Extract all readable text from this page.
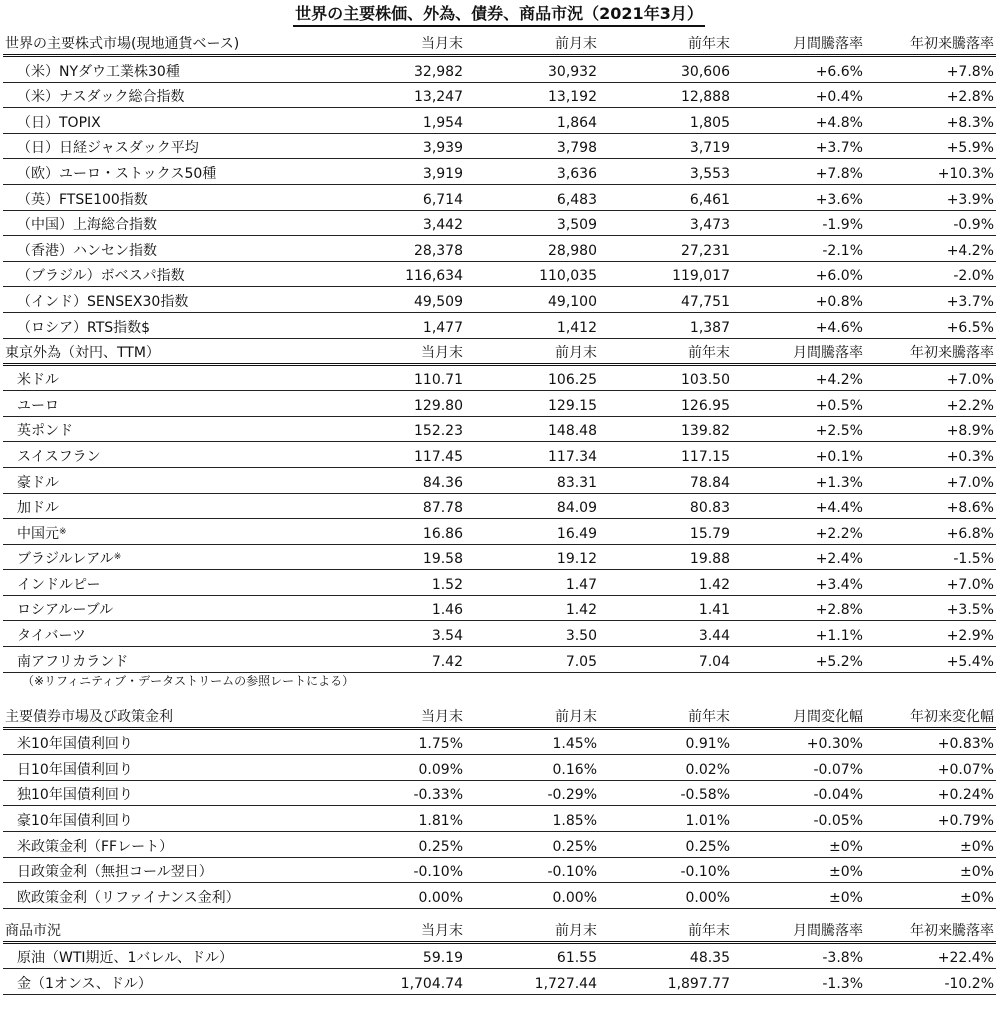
世界の主要株価、外為、債券、商品市況（2021年3月）
世界の主要株式市場(現地通貨ベース)	当月末	前月末	前年末	月間騰落率	年初来騰落率
（米）NYダウ工業株30種	32,982	30,932	30,606	+6.6%	+7.8%
（米）ナスダック総合指数	13,247	13,192	12,888	+0.4%	+2.8%
（日）TOPIX	1,954	1,864	1,805	+4.8%	+8.3%
（日）日経ジャスダック平均	3,939	3,798	3,719	+3.7%	+5.9%
（欧）ユーロ・ストックス50種	3,919	3,636	3,553	+7.8%	+10.3%
（英）FTSE100指数	6,714	6,483	6,461	+3.6%	+3.9%
（中国）上海総合指数	3,442	3,509	3,473	-1.9%	-0.9%
（香港）ハンセン指数	28,378	28,980	27,231	-2.1%	+4.2%
（ブラジル）ボベスパ指数	116,634	110,035	119,017	+6.0%	-2.0%
（インド）SENSEX30指数	49,509	49,100	47,751	+0.8%	+3.7%
（ロシア）RTS指数$	1,477	1,412	1,387	+4.6%	+6.5%
東京外為（対円、TTM）	当月末	前月末	前年末	月間騰落率	年初来騰落率
米ドル	110.71	106.25	103.50	+4.2%	+7.0%
ユーロ	129.80	129.15	126.95	+0.5%	+2.2%
英ポンド	152.23	148.48	139.82	+2.5%	+8.9%
スイスフラン	117.45	117.34	117.15	+0.1%	+0.3%
豪ドル	84.36	83.31	78.84	+1.3%	+7.0%
加ドル	87.78	84.09	80.83	+4.4%	+8.6%
中国元※	16.86	16.49	15.79	+2.2%	+6.8%
ブラジルレアル※	19.58	19.12	19.88	+2.4%	-1.5%
インドルピー	1.52	1.47	1.42	+3.4%	+7.0%
ロシアルーブル	1.46	1.42	1.41	+2.8%	+3.5%
タイバーツ	3.54	3.50	3.44	+1.1%	+2.9%
南アフリカランド	7.42	7.05	7.04	+5.2%	+5.4%
（※リフィニティブ・データストリームの参照レートによる）
主要債券市場及び政策金利	当月末	前月末	前年末	月間変化幅	年初来変化幅
米10年国債利回り	1.75%	1.45%	0.91%	+0.30%	+0.83%
日10年国債利回り	0.09%	0.16%	0.02%	-0.07%	+0.07%
独10年国債利回り	-0.33%	-0.29%	-0.58%	-0.04%	+0.24%
豪10年国債利回り	1.81%	1.85%	1.01%	-0.05%	+0.79%
米政策金利（FFレート）	0.25%	0.25%	0.25%	±0%	±0%
日政策金利（無担コール翌日）	-0.10%	-0.10%	-0.10%	±0%	±0%
欧政策金利（リファイナンス金利）	0.00%	0.00%	0.00%	±0%	±0%
商品市況	当月末	前月末	前年末	月間騰落率	年初来騰落率
原油（WTI期近、1バレル、ドル）	59.19	61.55	48.35	-3.8%	+22.4%
金（1オンス、ドル）	1,704.74	1,727.44	1,897.77	-1.3%	-10.2%
